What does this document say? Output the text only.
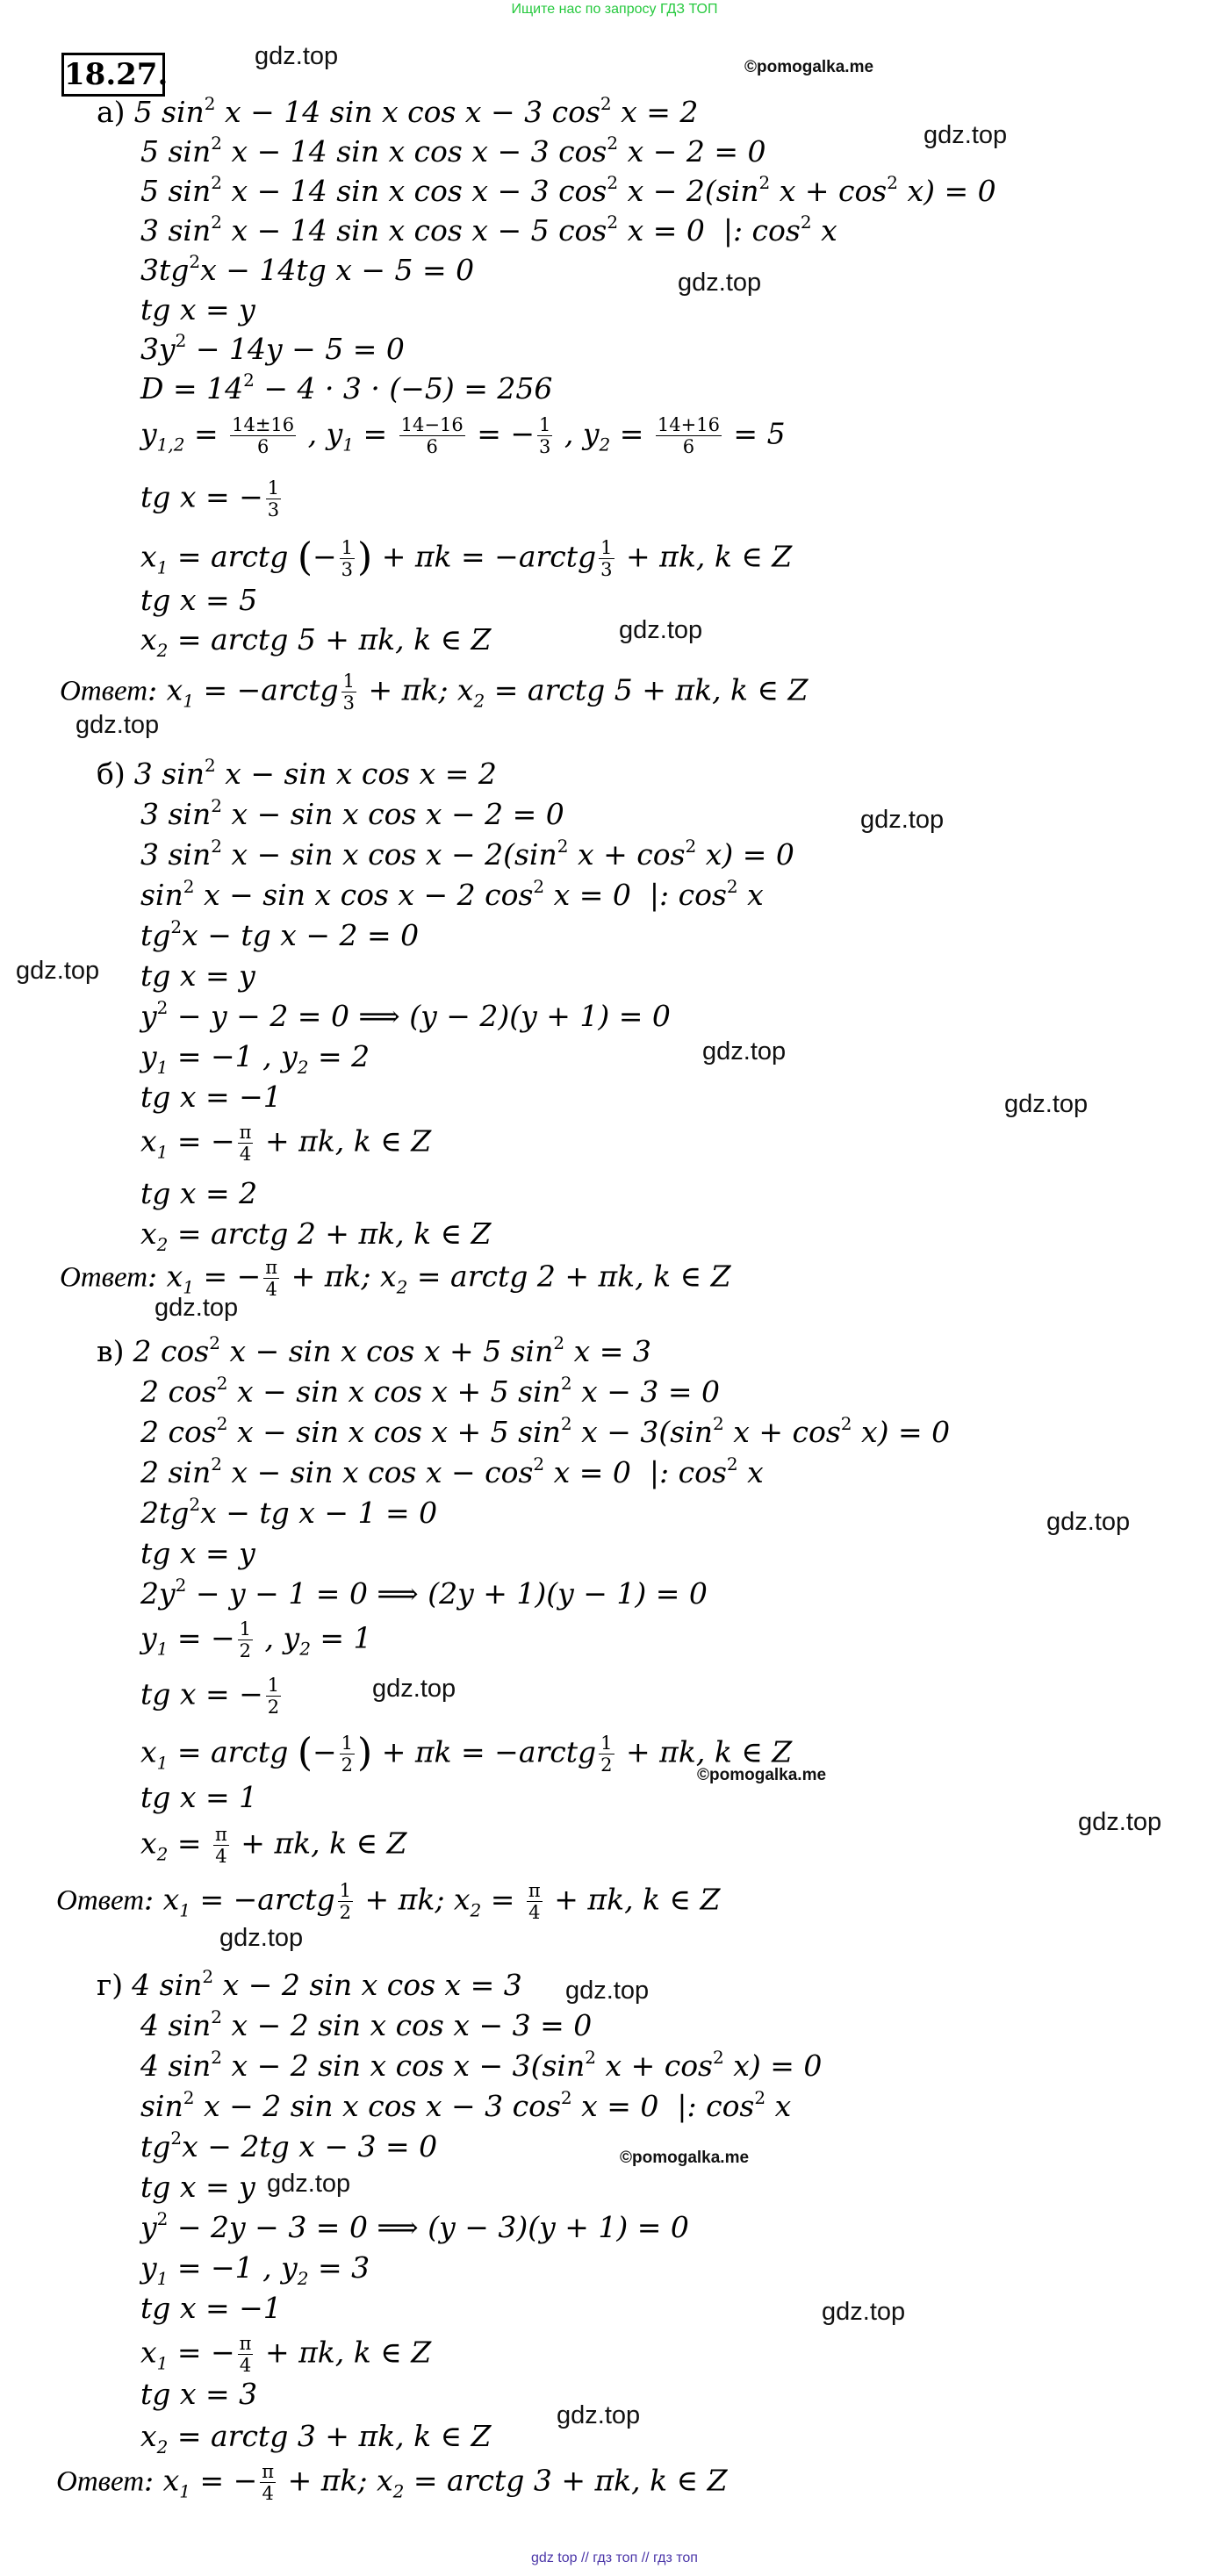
Ищите нас по запросу ГДЗ ТОП
18.27.
а) 5 $\sin^2 x - 14$ sin x cos x − 3 $\cos^2 x = 2$
5 $\sin^2 x - 14$ sin x cos x − 3 $\cos^2 x - 2 = 0$
5 $\sin^2 x - 14$ sin x cos x − 3 $\cos^2 x - 2(\sin^2$ $x + \cos^2 x) = 0$
3 $\sin^2 x - 14$ sin x cos x − 5 $\cos^2 x = 0$  |: $\cos^2 x$
$3tg^2x - 14tg$ x − 5 = 0
tg x = y
$3y^2 - 14y - 5 = 0$
$D = 14^2 - 4 \cdot 3 \cdot (-5) = 256$
$y_{1,2} = \frac{14\pm 16}{6}$ , $y_1 = \frac{14-16}{6}$ = − $\frac{1}{3}$ , $y_2 = \frac{14+16}{6} = 5$
tg x = − $\frac{1}{3}$
$x_1$ = arctg (− $\frac{1}{3}$ ) + πk = −arctg $\frac{1}{3} + \pi k$, k ∈ Z
tg x = 5
$x_2$ = arctg 5 + πk, k ∈ Z
Ответ: $x_1$ = −arctg $\frac{1}{3} + \pi k$; $x_2$ = arctg 5 + πk, k ∈ Z
б) 3 $\sin^2 x - \sin x$ cos x = 2
3 $\sin^2 x - \sin x$ cos x − 2 = 0
3 $\sin^2 x - \sin x$ $\cos x - 2(\sin^2$ $x + \cos^2 x) = 0$
$\sin^2 x - \sin x$ cos x − 2 $\cos^2 x = 0$  |: $\cos^2 x$
$tg^2x$ − tg x − 2 = 0
tg x = y
$y^2 - y - 2 = 0$ ⟹ (y − 2)(y + 1) = 0
$y_1 = -1$ , $y_2 = 2$
tg x = −1
$x_1$ = − $\frac{\pi}{4} + \pi k$, k ∈ Z
tg x = 2
$x_2$ = arctg 2 + πk, k ∈ Z
Ответ: $x_1$ = − $\frac{\pi}{4} + \pi k$; $x_2$ = arctg 2 + πk, k ∈ Z
в) 2 $\cos^2 x - \sin x$ cos x + 5 $\sin^2 x = 3$
2 $\cos^2 x - \sin x$ cos x + 5 $\sin^2 x - 3 = 0$
2 $\cos^2 x - \sin x$ cos x + 5 $\sin^2 x - 3(\sin^2$ $x + \cos^2 x) = 0$
2 $\sin^2 x - \sin x$ $\cos x - \cos^2 x = 0$  |: $\cos^2 x$
$2tg^2x$ − tg x − 1 = 0
tg x = y
$2y^2 - y - 1 = 0$ ⟹ (2y + 1)(y − 1) = 0
$y_1$ = − $\frac{1}{2}$ , $y_2 = 1$
tg x = − $\frac{1}{2}$
$x_1$ = arctg (− $\frac{1}{2}$ ) + πk = −arctg $\frac{1}{2} + \pi k$, k ∈ Z
tg x = 1
$x_2 = \frac{\pi}{4} + \pi k$, k ∈ Z
Ответ: $x_1$ = −arctg $\frac{1}{2} + \pi k$; $x_2 = \frac{\pi}{4} + \pi k$, k ∈ Z
г) 4 $\sin^2 x - 2$ sin x cos x = 3
4 $\sin^2 x - 2$ sin x cos x − 3 = 0
4 $\sin^2 x - 2$ sin x $\cos x - 3(\sin^2$ $x + \cos^2 x) = 0$
$\sin^2 x - 2$ sin x cos x − 3 $\cos^2 x = 0$  |: $\cos^2 x$
$tg^2x - 2tg$ x − 3 = 0
tg x = y
$y^2 - 2y - 3 = 0$ ⟹ (y − 3)(y + 1) = 0
$y_1 = -1$ , $y_2 = 3$
tg x = −1
$x_1$ = − $\frac{\pi}{4} + \pi k$, k ∈ Z
tg x = 3
$x_2$ = arctg 3 + πk, k ∈ Z
Ответ: $x_1$ = − $\frac{\pi}{4} + \pi k$; $x_2$ = arctg 3 + πk, k ∈ Z
gdz.top	©pomogalka.me
gdz.top
gdz.top
gdz.top
gdz.top
gdz.top
gdz.top
gdz.top
gdz.top
gdz.top
gdz.top
gdz.top
©pomogalka.me
gdz.top
gdz.top
gdz.top
©pomogalka.me
gdz.top
gdz.top
gdz.top
gdz top // гдз топ // гдз топ
